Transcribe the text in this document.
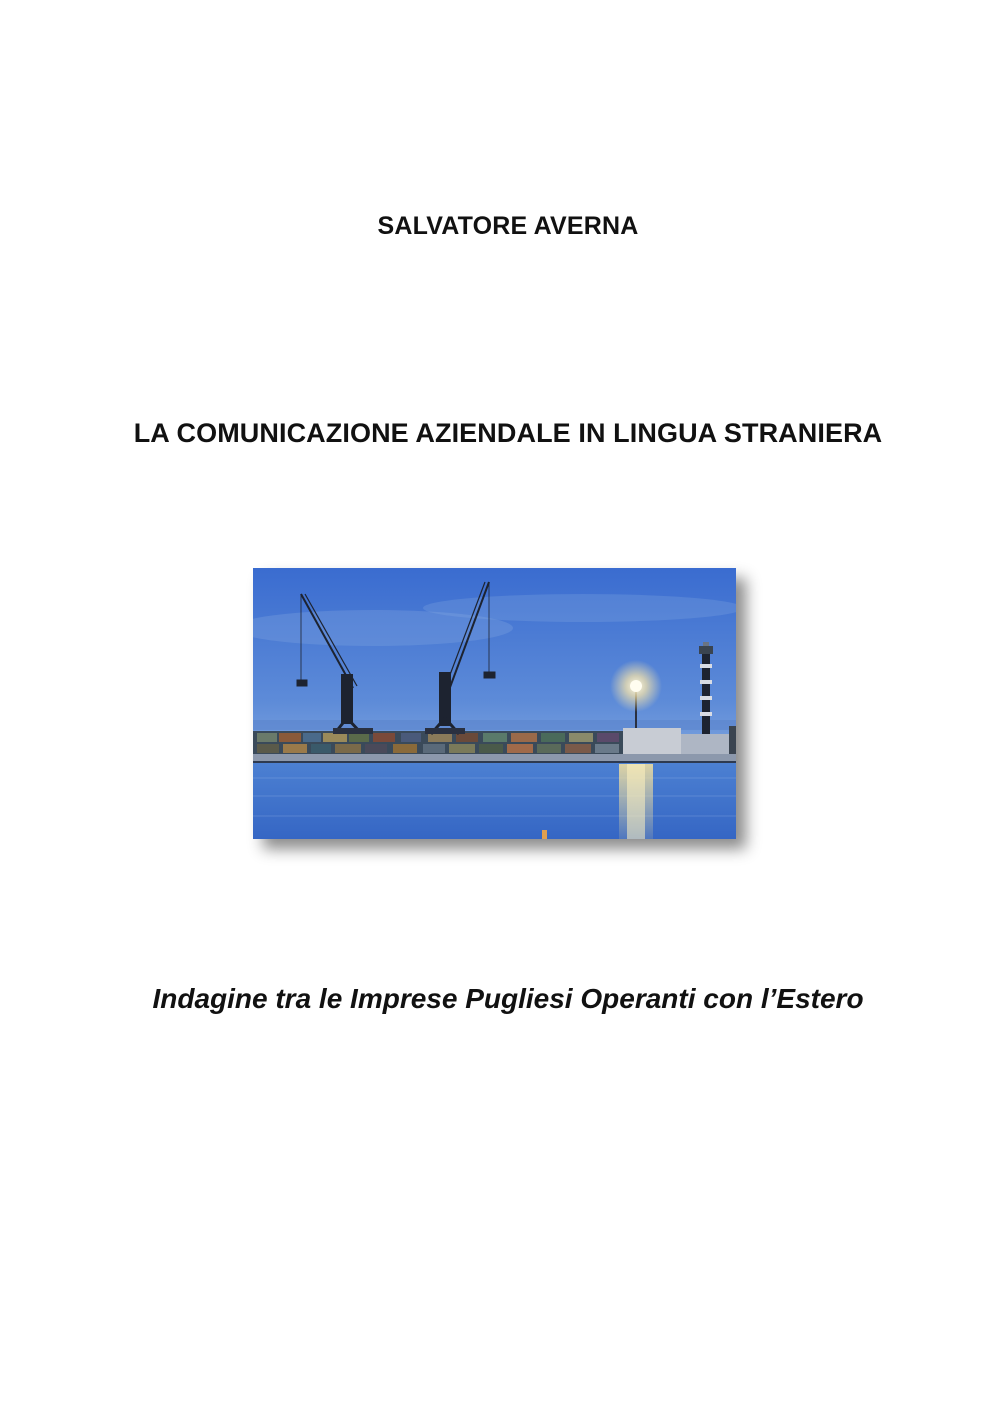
SALVATORE AVERNA
LA COMUNICAZIONE AZIENDALE IN LINGUA STRANIERA
Indagine tra le Imprese Pugliesi Operanti con l’Estero
